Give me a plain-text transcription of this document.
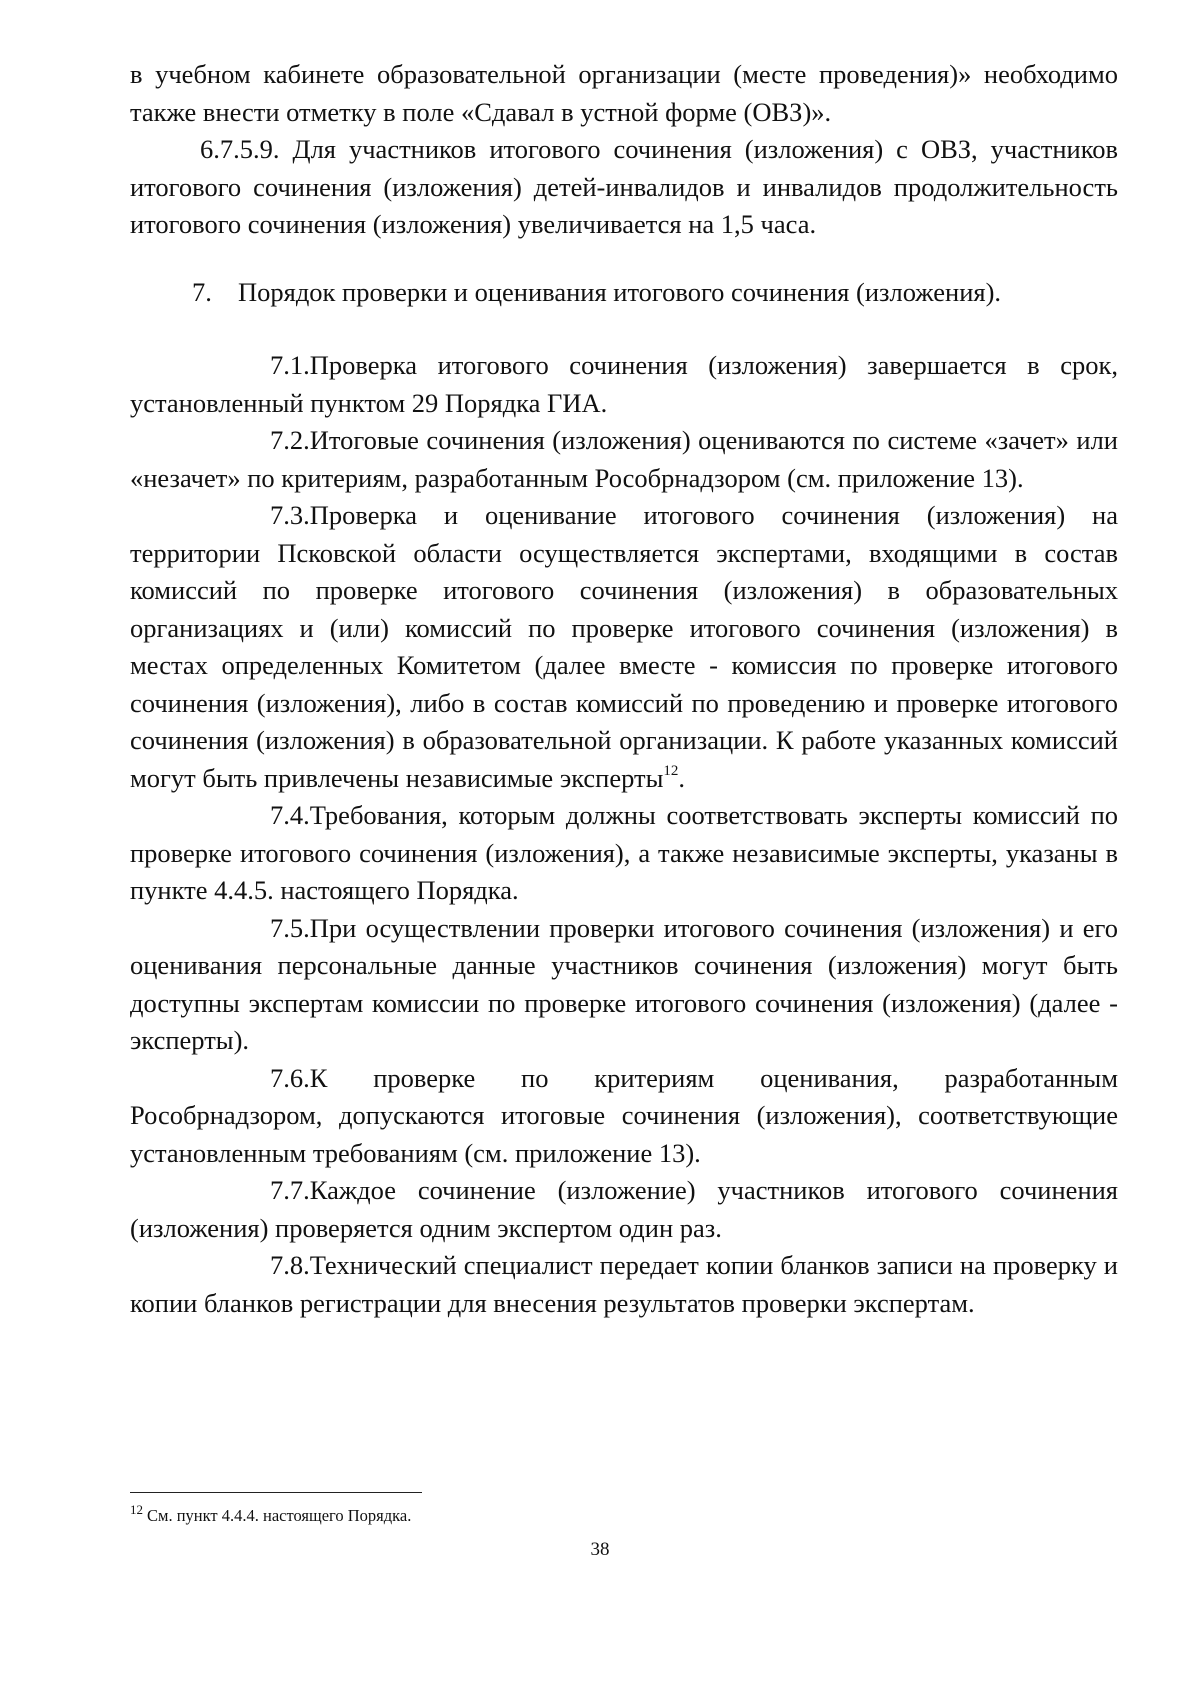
в учебном кабинете образовательной организации (месте проведения)» необходимо также внести отметку в поле «Сдавал в устной форме (ОВЗ)».

6.7.5.9. Для участников итогового сочинения (изложения) с ОВЗ, участников итогового сочинения (изложения) детей-инвалидов и инвалидов продолжительность итогового сочинения (изложения) увеличивается на 1,5 часа.

7. Порядок проверки и оценивания итогового сочинения (изложения).

7.1.Проверка итогового сочинения (изложения) завершается в срок, установленный пунктом 29 Порядка ГИА.

7.2.Итоговые сочинения (изложения) оцениваются по системе «зачет» или «незачет» по критериям, разработанным Рособрнадзором (см. приложение 13).

7.3.Проверка и оценивание итогового сочинения (изложения) на территории Псковской области осуществляется экспертами, входящими в состав комиссий по проверке итогового сочинения (изложения) в образовательных организациях и (или) комиссий по проверке итогового сочинения (изложения) в местах определенных Комитетом (далее вместе - комиссия по проверке итогового сочинения (изложения), либо в состав комиссий по проведению и проверке итогового сочинения (изложения) в образовательной организации. К работе указанных комиссий могут быть привлечены независимые эксперты$^{12}$.

7.4.Требования, которым должны соответствовать эксперты комиссий по проверке итогового сочинения (изложения), а также независимые эксперты, указаны в пункте 4.4.5. настоящего Порядка.

7.5.При осуществлении проверки итогового сочинения (изложения) и его оценивания персональные данные участников сочинения (изложения) могут быть доступны экспертам комиссии по проверке итогового сочинения (изложения) (далее - эксперты).

7.6.К проверке по критериям оценивания, разработанным Рособрнадзором, допускаются итоговые сочинения (изложения), соответствующие установленным требованиям (см. приложение 13).

7.7.Каждое сочинение (изложение) участников итогового сочинения (изложения) проверяется одним экспертом один раз.

7.8.Технический специалист передает копии бланков записи на проверку и копии бланков регистрации для внесения результатов проверки экспертам.

$^{12}$ См. пункт 4.4.4. настоящего Порядка.
38
